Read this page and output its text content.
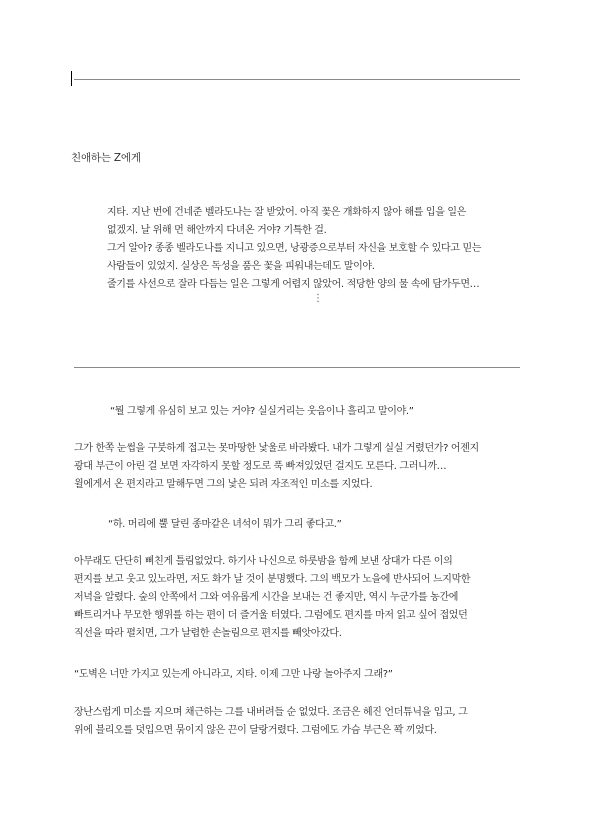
친애하는 Z에게
지타. 지난 번에 건네준 벨라도나는 잘 받았어. 아직 꽃은 개화하지 않아 해를 입을 일은
없겠지. 날 위해 먼 해안까지 다녀온 거야? 기특한 걸.
그거 알아? 종종 벨라도나를 지니고 있으면, 낭광증으로부터 자신을 보호할 수 있다고 믿는
사람들이 있었지. 실상은 독성을 품은 꽃을 피워내는데도 말이야.
줄기를 사선으로 잘라 다듬는 일은 그렇게 어렵지 않았어. 적당한 양의 물 속에 담가두면…
⋮
“뭘 그렇게 유심히 보고 있는 거야? 실실거리는 웃음이나 흘리고 말이야.”
그가 한쪽 눈썹을 구붓하게 접고는 못마땅한 낯울로 바라봤다. 내가 그렇게 실실 거렸던가? 어젠지
광대 부근이 아린 걸 보면 자각하지 못할 정도로 푹 빠져있었던 걸지도 모른다. 그러니까…
윌에게서 온 편지라고 말해두면 그의 낯은 되려 자조적인 미소를 지었다.
“하. 머리에 뿔 달린 종마같은 녀석이 뭐가 그리 좋다고.”
아무래도 단단히 삐친게 틀림없었다. 하기사 나신으로 하룻밤을 함께 보낸 상대가 다른 이의
편지를 보고 웃고 있노라면, 저도 화가 날 것이 분명했다. 그의 백모가 노을에 반사되어 느지막한
저녁을 알렸다. 숲의 안쪽에서 그와 여유롭게 시간을 보내는 건 좋지만, 역시 누군가를 농간에
빠트리거나 무모한 행위를 하는 편이 더 즐거울 터였다. 그럼에도 편지를 마저 읽고 싶어 접었던
직선을 따라 펼치면, 그가 날렵한 손놀림으로 편지를 빼앗아갔다.
“도벽은 너만 가지고 있는게 아니라고, 지타. 이제 그만 나랑 놀아주지 그래?”
장난스럽게 미소를 지으며 채근하는 그를 내버려들 순 없었다. 조금은 헤진 언더튜닉을 입고, 그
위에 블리오를 덧입으면 묶이지 않은 끈이 달랑거렸다. 그럼에도 가슴 부근은 꽉 끼었다.
